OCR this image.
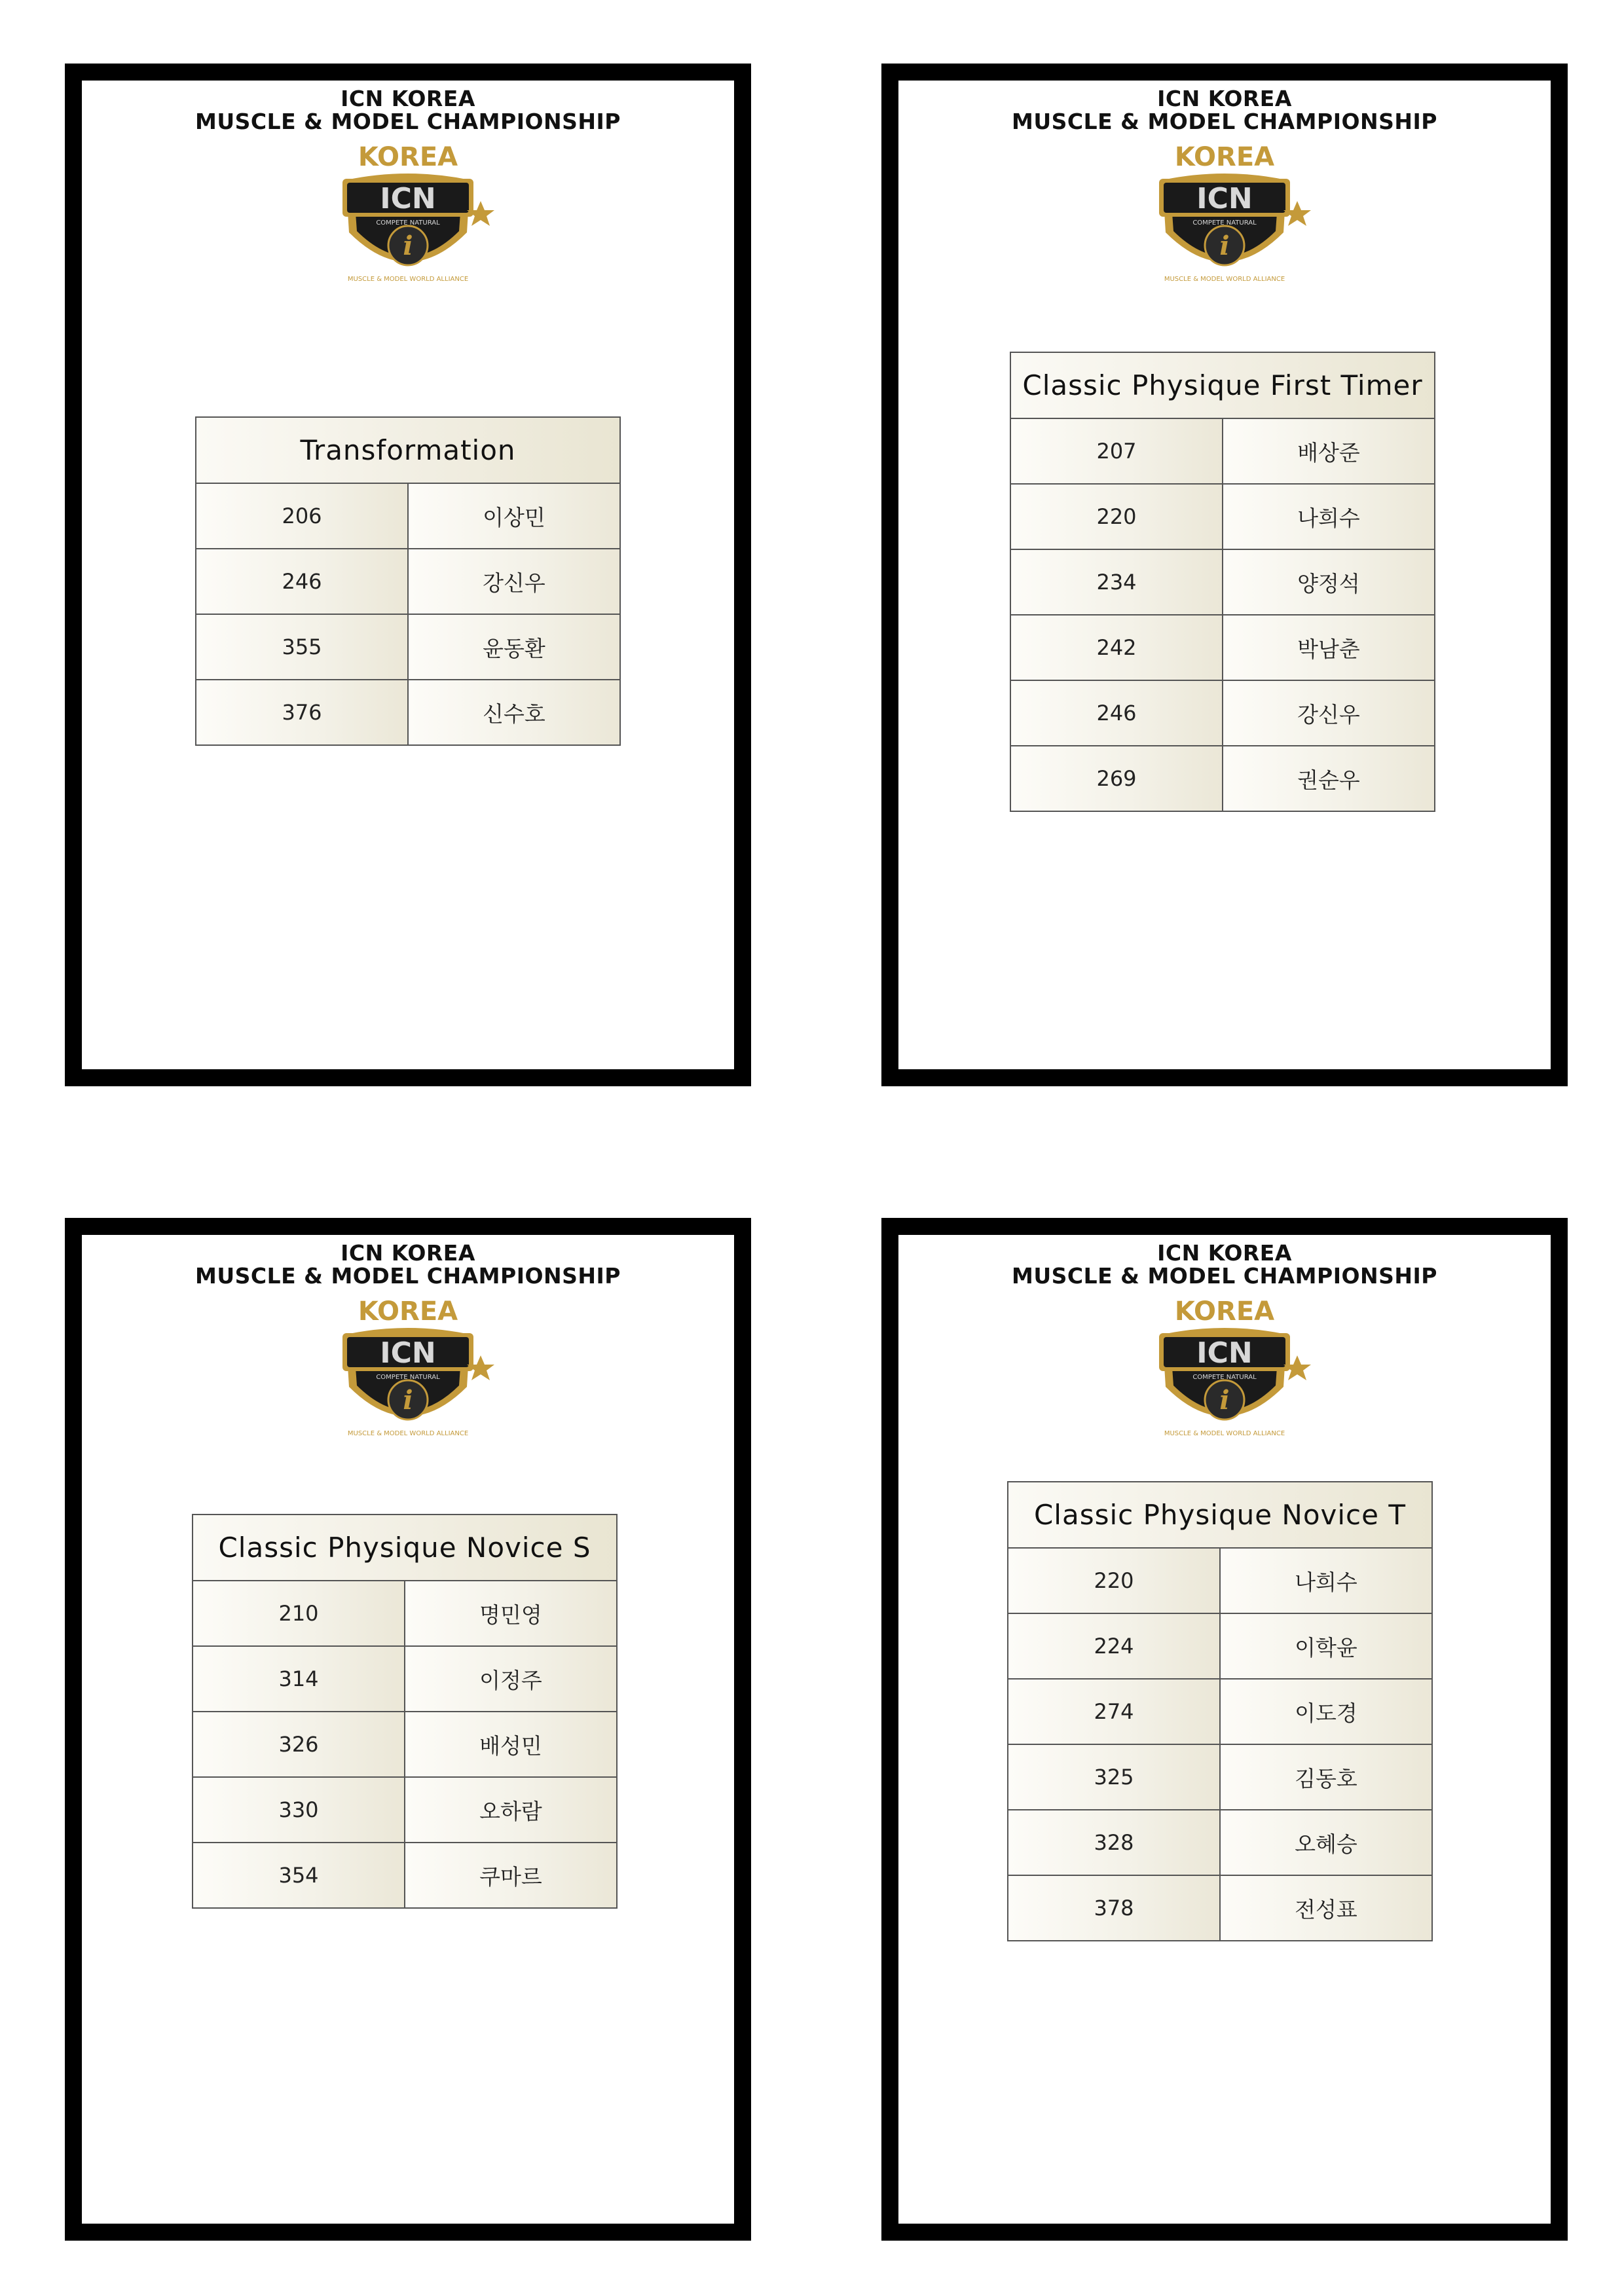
ICN KOREA
MUSCLE & MODEL CHAMPIONSHIP
KOREA
ICN
i
MUSCLE & MODEL WORLD ALLIANCE
COMPETE NATURAL
Transformation	
206	이상민
246	강신우
355	윤동환
376	신수호
ICN KOREA
MUSCLE & MODEL CHAMPIONSHIP
KOREA
ICN
i
MUSCLE & MODEL WORLD ALLIANCE
COMPETE NATURAL
Classic Physique First Timer	
207	배상준
220	나희수
234	양정석
242	박남춘
246	강신우
269	권순우
ICN KOREA
MUSCLE & MODEL CHAMPIONSHIP
KOREA
ICN
i
MUSCLE & MODEL WORLD ALLIANCE
COMPETE NATURAL
Classic Physique Novice S	
210	명민영
314	이정주
326	배성민
330	오하람
354	쿠마르
ICN KOREA
MUSCLE & MODEL CHAMPIONSHIP
KOREA
ICN
i
MUSCLE & MODEL WORLD ALLIANCE
COMPETE NATURAL
Classic Physique Novice T	
220	나희수
224	이학윤
274	이도경
325	김동호
328	오혜승
378	전성표
